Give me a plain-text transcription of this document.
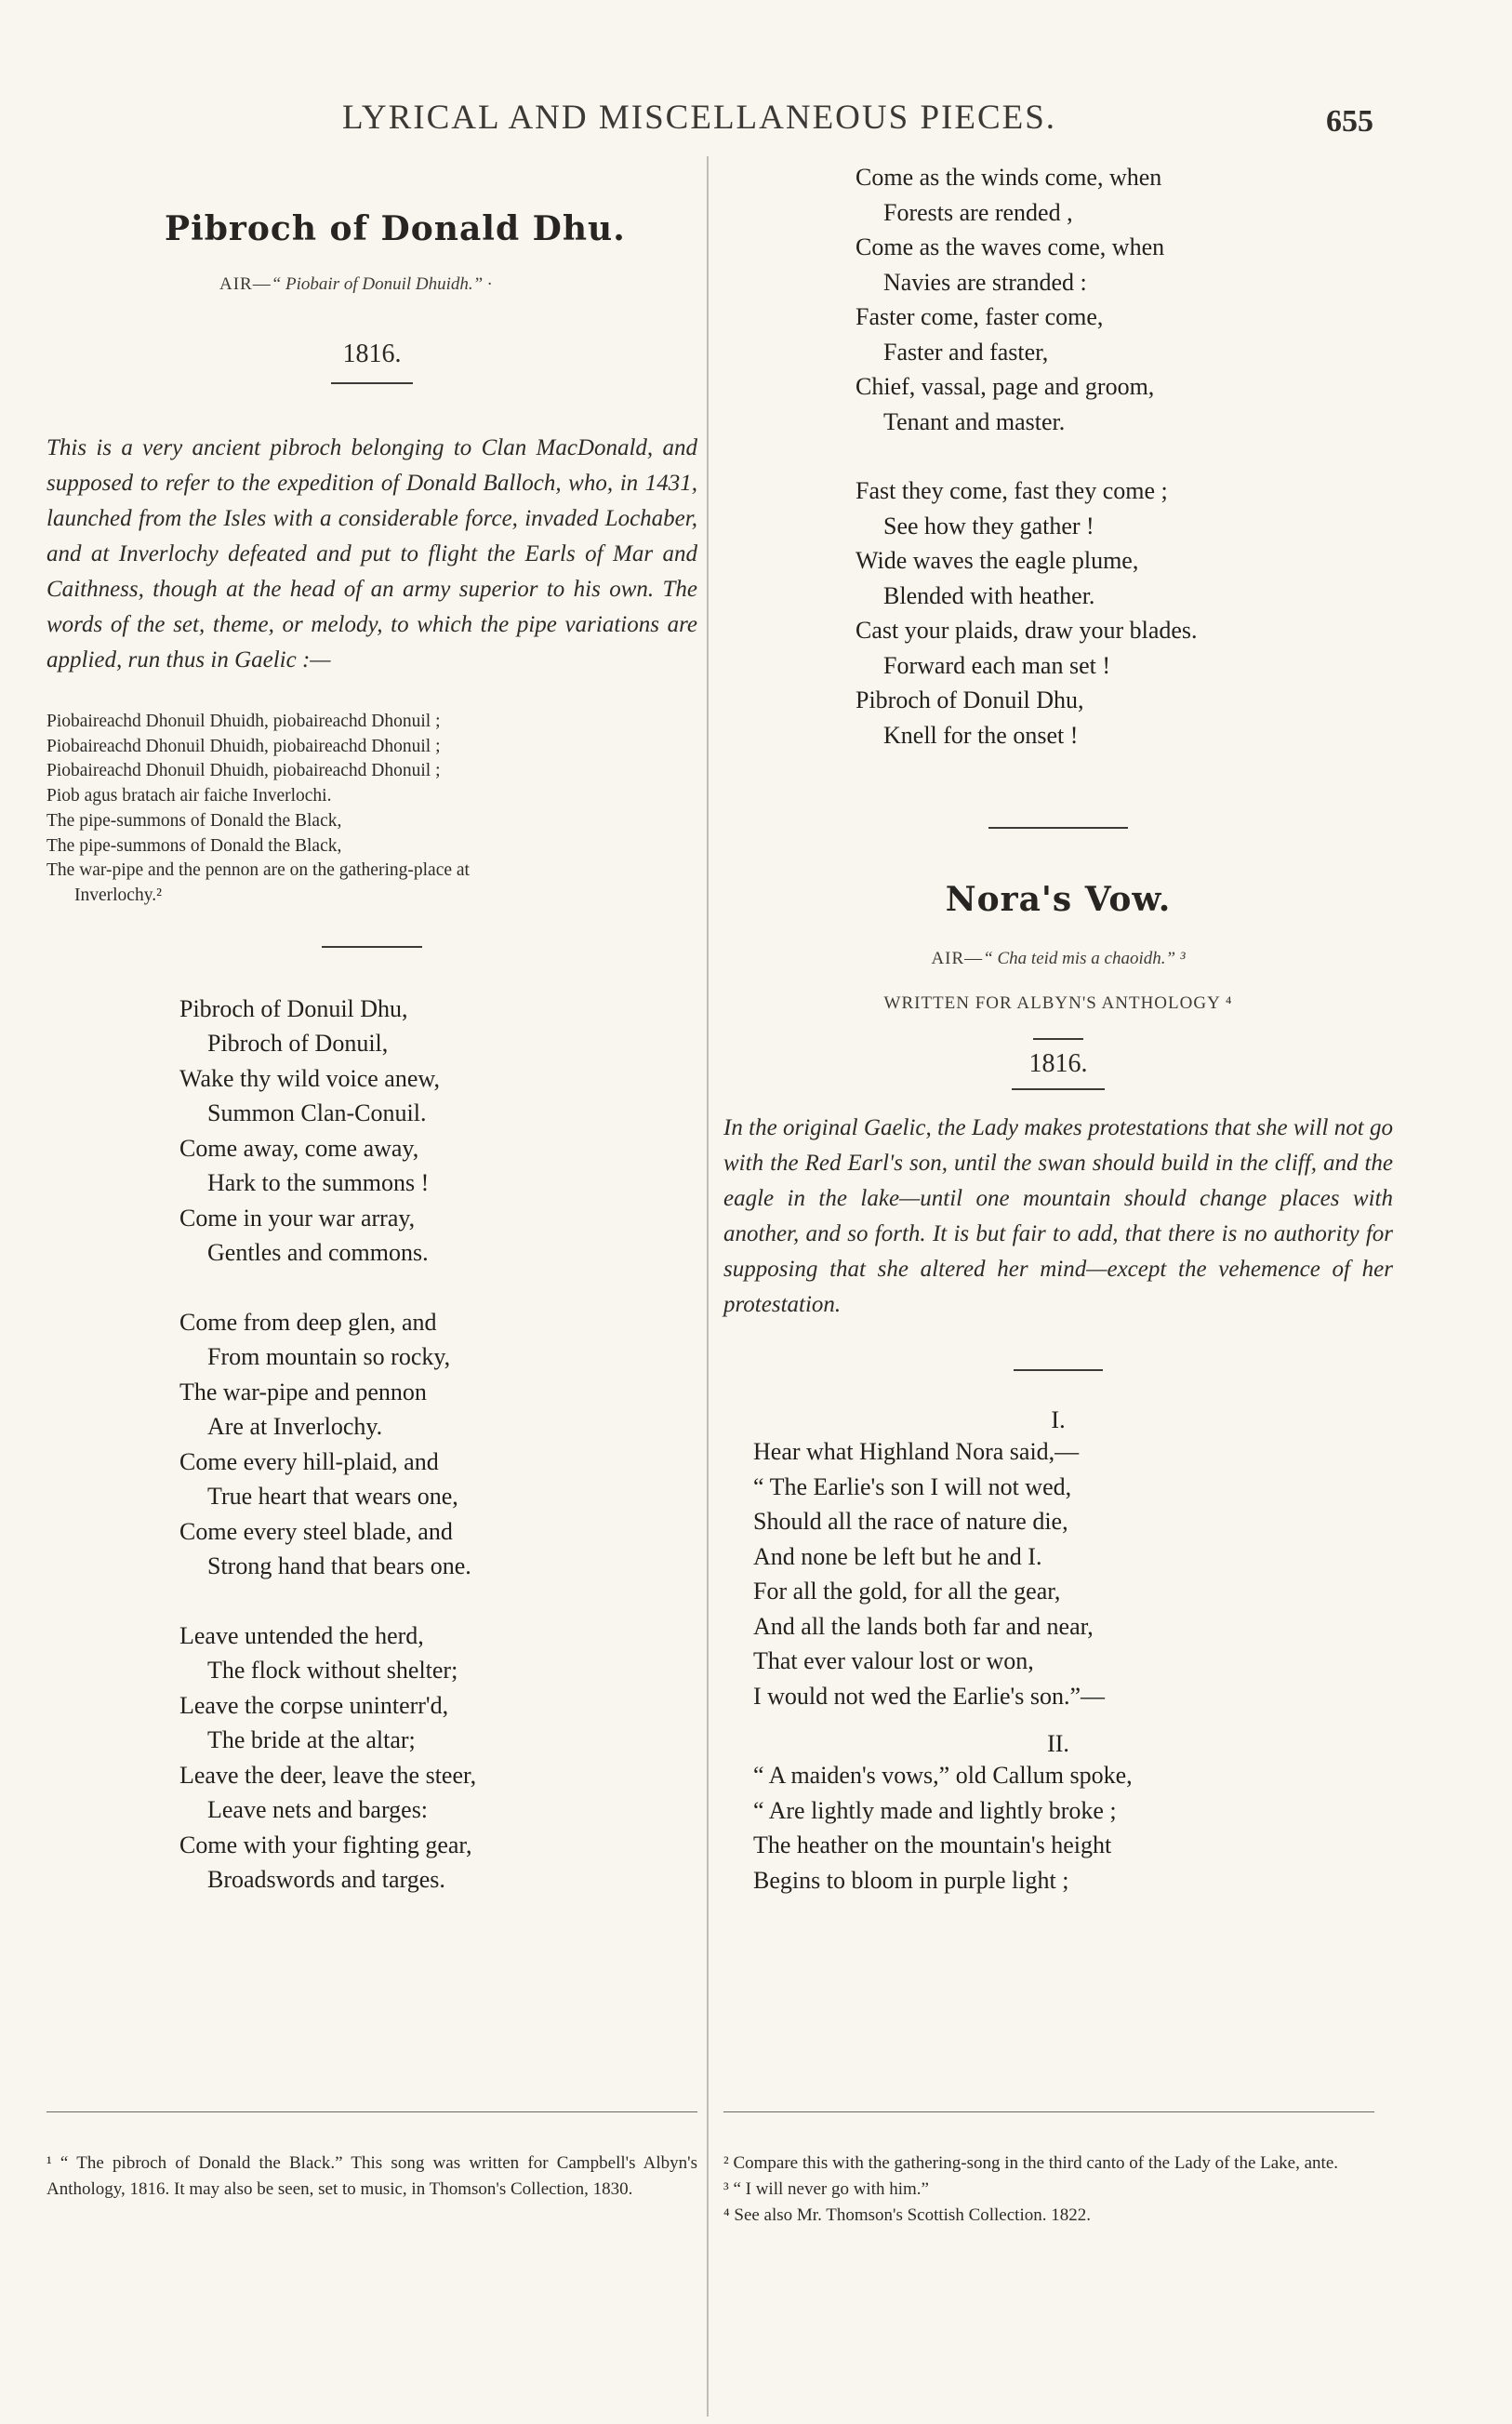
LYRICAL AND MISCELLANEOUS PIECES.	655
Pibroch of Donald Dhu.
AIR—“ Piobair of Donuil Dhuidh.” ·
1816.
This is a very ancient pibroch belonging to Clan MacDonald, and supposed to refer to the expedition of Donald Balloch, who, in 1431, launched from the Isles with a considerable force, invaded Lochaber, and at Inverlochy defeated and put to flight the Earls of Mar and Caithness, though at the head of an army superior to his own. The words of the set, theme, or melody, to which the pipe variations are applied, run thus in Gaelic :—
Piobaireachd Dhonuil Dhuidh, piobaireachd Dhonuil ;
Piobaireachd Dhonuil Dhuidh, piobaireachd Dhonuil ;
Piobaireachd Dhonuil Dhuidh, piobaireachd Dhonuil ;
Piob agus bratach air faiche Inverlochi.
The pipe-summons of Donald the Black,
The pipe-summons of Donald the Black,
The war-pipe and the pennon are on the gathering-place at
Inverlochy.²
Pibroch of Donuil Dhu,
Pibroch of Donuil,
Wake thy wild voice anew,
Summon Clan-Conuil.
Come away, come away,
Hark to the summons !
Come in your war array,
Gentles and commons.
Come from deep glen, and
From mountain so rocky,
The war-pipe and pennon
Are at Inverlochy.
Come every hill-plaid, and
True heart that wears one,
Come every steel blade, and
Strong hand that bears one.
Leave untended the herd,
The flock without shelter;
Leave the corpse uninterr'd,
The bride at the altar;
Leave the deer, leave the steer,
Leave nets and barges:
Come with your fighting gear,
Broadswords and targes.
Come as the winds come, when
Forests are rended ,
Come as the waves come, when
Navies are stranded :
Faster come, faster come,
Faster and faster,
Chief, vassal, page and groom,
Tenant and master.
Fast they come, fast they come ;
See how they gather !
Wide waves the eagle plume,
Blended with heather.
Cast your plaids, draw your blades.
Forward each man set !
Pibroch of Donuil Dhu,
Knell for the onset !
Nora's Vow.
AIR—“ Cha teid mis a chaoidh.” ³
WRITTEN FOR ALBYN'S ANTHOLOGY ⁴
1816.
In the original Gaelic, the Lady makes protestations that she will not go with the Red Earl's son, until the swan should build in the cliff, and the eagle in the lake—until one mountain should change places with another, and so forth. It is but fair to add, that there is no authority for supposing that she altered her mind—except the vehemence of her protestation.
I.
Hear what Highland Nora said,—
“ The Earlie's son I will not wed,
Should all the race of nature die,
And none be left but he and I.
For all the gold, for all the gear,
And all the lands both far and near,
That ever valour lost or won,
I would not wed the Earlie's son.”—
II.
“ A maiden's vows,” old Callum spoke,
“ Are lightly made and lightly broke ;
The heather on the mountain's height
Begins to bloom in purple light ;
¹ “ The pibroch of Donald the Black.” This song was written for Campbell's Albyn's Anthology, 1816. It may also be seen, set to music, in Thomson's Collection, 1830.
² Compare this with the gathering-song in the third canto of the Lady of the Lake, ante.
³ “ I will never go with him.”
⁴ See also Mr. Thomson's Scottish Collection. 1822.
